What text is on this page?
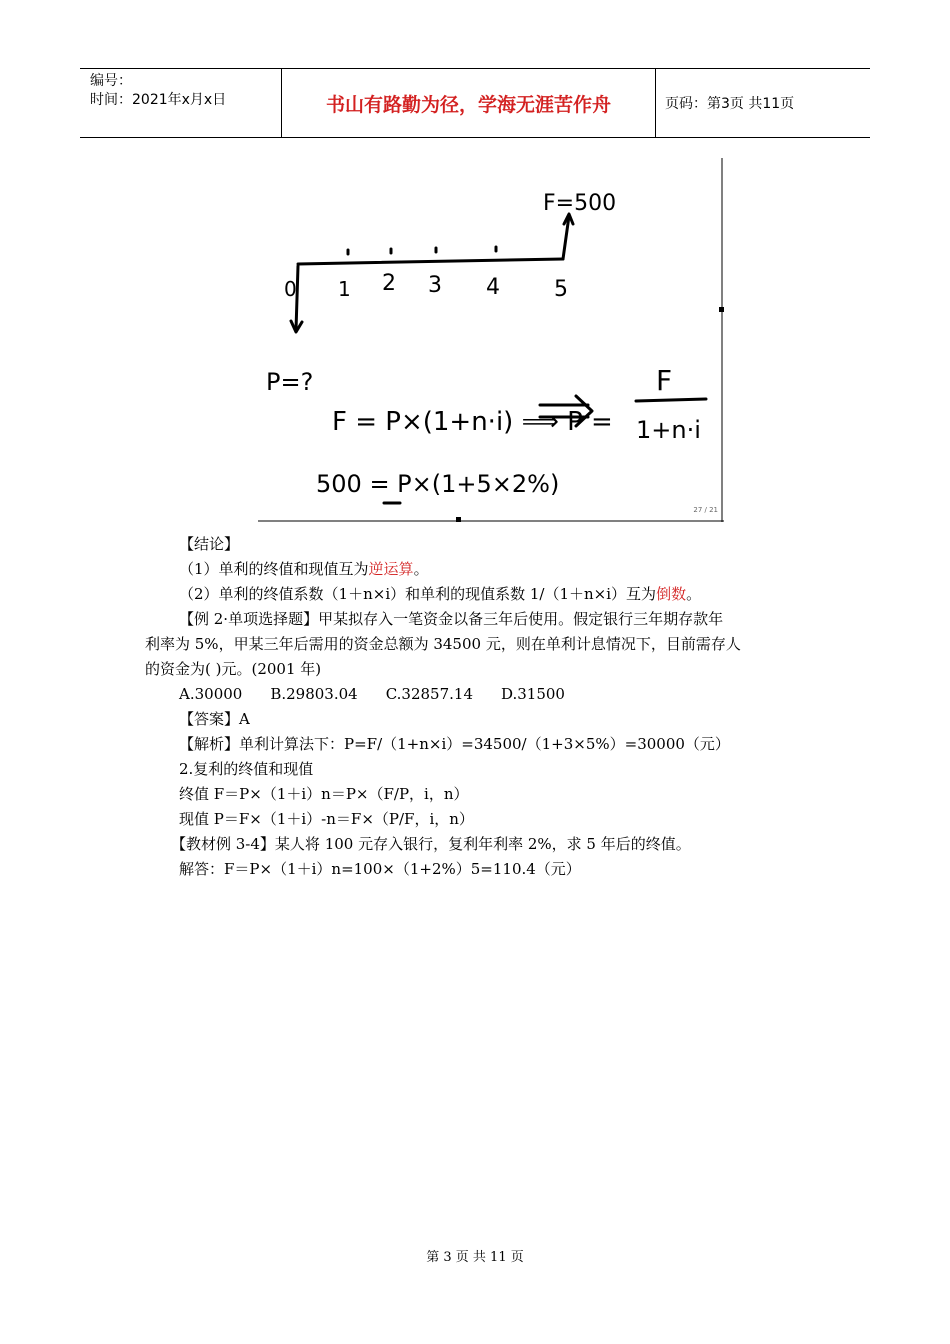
编号：
时间：2021年x月x日	书山有路勤为径，学海无涯苦作舟	页码：第3页 共11页
F=500
0 1 2 3 4 5
P=?
F = P×(1+n·i) ⟹ P =
F
1+n·i
500 = P×(1+5×2%)
27 / 21

【结论】

（1）单利的终值和现值互为逆运算。

（2）单利的终值系数（1＋n×i）和单利的现值系数 1/（1＋n×i）互为倒数。

【例 2·单项选择题】甲某拟存入一笔资金以备三年后使用。假定银行三年期存款年

利率为 5%，甲某三年后需用的资金总额为 34500 元，则在单利计息情况下，目前需存人

的资金为( )元。(2001 年)

A.30000 B.29803.04 C.32857.14 D.31500

【答案】A

【解析】单利计算法下：P=F/（1+n×i）=34500/（1+3×5%）=30000（元）

2.复利的终值和现值

终值 F＝P×（1＋i）n＝P×（F/P，i，n）

现值 P＝F×（1＋i）-n＝F×（P/F，i，n）

【教材例 3-4】某人将 100 元存入银行，复利年利率 2%，求 5 年后的终值。

解答：F＝P×（1＋i）n=100×（1+2%）5=110.4（元）

第 3 页 共 11 页
